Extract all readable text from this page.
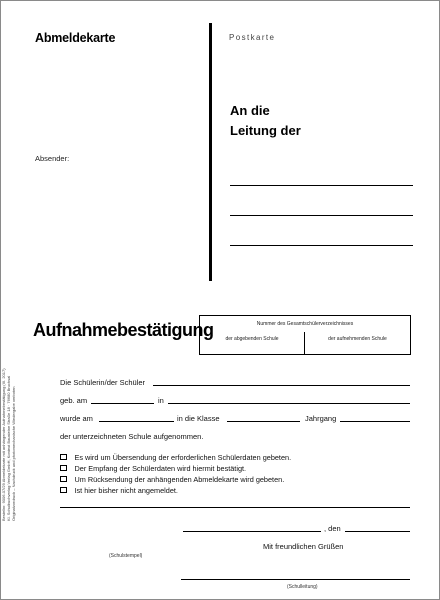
Abmeldekarte	Postkarte
An die
Leitung der
Absender:
Aufnahmebestätigung	Nummer des Gesamtschülerverzeichnisses
der abgebenden Schule	der aufnehmenden Schule
Bestellnr. 9006-07/29 Abmeldekarte mit anhängender Aufnahmebestätigung (III. 2017) Kl. Schulbuchverlag Verlag GmbH, Kontext Bausteine Straße 18 · 76680 Bruchsal Originalvordruck – Nachdruck und photomechanische Wiedergabe verboten
Die Schülerin/der Schüler
geb. am	in
wurde am	in die Klasse	Jahrgang
der unterzeichneten Schule aufgenommen.
Es wird um Übersendung der erforderlichen Schülerdaten gebeten.
Der Empfang der Schülerdaten wird hiermit bestätigt.
Um Rücksendung der anhängenden Abmeldekarte wird gebeten.
Ist hier bisher nicht angemeldet.
, den
Mit freundlichen Grüßen
(Schulstempel)
(Schulleitung)
